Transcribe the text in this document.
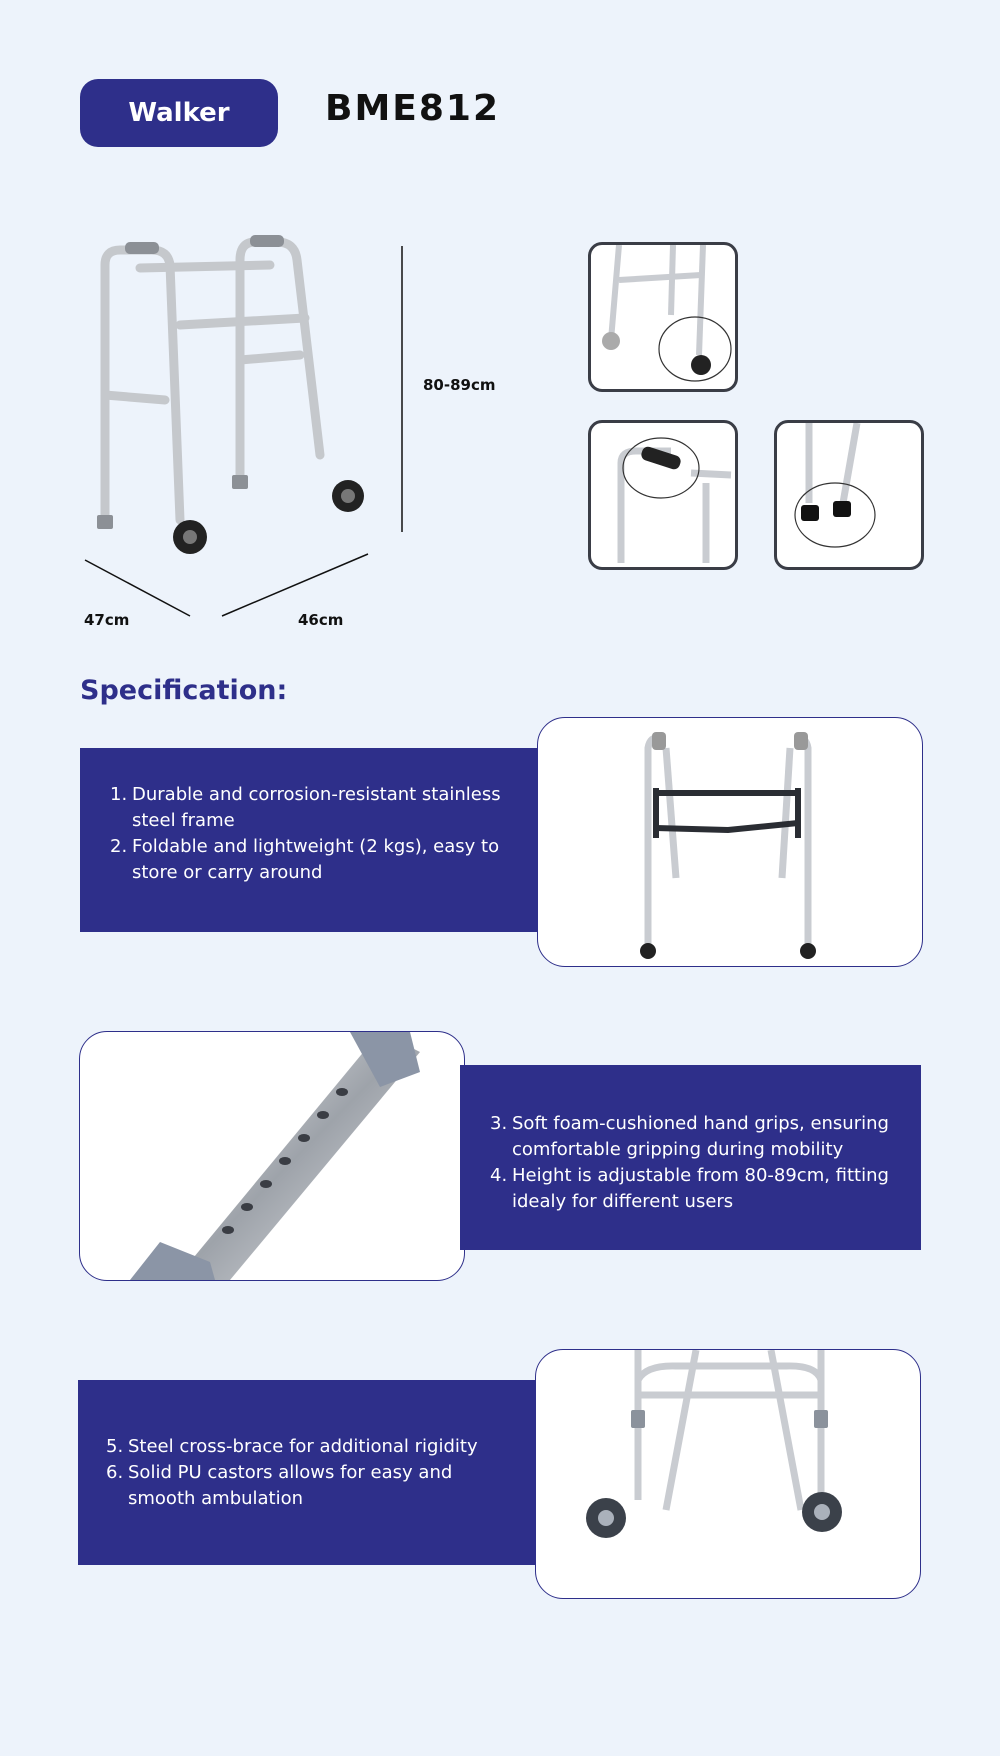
Walker	BME812
80-89cm
47cm	46cm
Specification:
1. Durable and corrosion-resistant stainless steel frame
2. Foldable and lightweight (2 kgs), easy to store or carry around
3. Soft foam-cushioned hand grips, ensuring comfortable gripping during mobility
4. Height is adjustable from 80-89cm, fitting idealy for different users
5. Steel cross-brace for additional rigidity
6. Solid PU castors allows for easy and smooth ambulation
